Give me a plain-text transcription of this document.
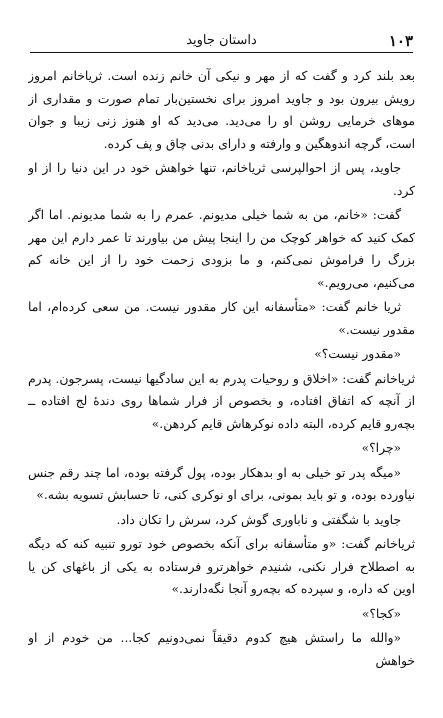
۱۰۳
داستان جاوید

بعد بلند کرد و گفت که از مهر و نیکی آن خانم زنده است. ثریاخانم امروز رویش بیرون بود و جاوید امروز برای نخستین‌بار تمام صورت و مقداری از موهای خرمایی روشن او را می‌دید. می‌دید که او هنوز زنی زیبا و جوان است، گرچه اندوهگین و وارفته و دارای بدنی چاق و پف کرده.

جاوید، پس از احوالپرسی ثریاخانم، تنها خواهش خود در این دنیا را از او کرد.

گفت: «خانم، من به شما خیلی مدیونم. عمرم را به شما مدیونم. اما اگر کمک کنید که خواهر کوچک من را اینجا پیش من بیاورند تا عمر دارم این مهر بزرگ را فراموش نمی‌کنم، و ما بزودی زحمت خود را از این خانه کم می‌کنیم، می‌رویم.»

ثریا خانم گفت: «متأسفانه این کار مقدور نیست. من سعی کرده‌ام، اما مقدور نیست.»

«مقدور نیست؟»

ثریاخانم گفت: «اخلاق و روحیات پدرم به این سادگیها نیست، پسرجون. پدرم از آنچه که اتفاق افتاده، و بخصوص از فرار شماها روی دندهٔ لج افتاده ــ بچه‌رو قایم کرده، البته داده نوکرهاش قایم کردهن.»

«چرا؟»

«میگه پدر تو خیلی به او بدهکار بوده، پول گرفته بوده، اما چند رقم جنس نیاورده بوده، و تو باید بمونی، برای او نوکری کنی، تا حسابش تسویه بشه.»

جاوید با شگفتی و ناباوری گوش کرد، سرش را تکان داد.

ثریاخانم گفت: «و متأسفانه برای آنکه بخصوص خود تورو تنبیه کنه که دیگه به اصطلاح فرار نکنی، شنیدم خواهرترو فرستاده به یکی از باغهای کن یا اوین که داره، و سپرده که بچه‌رو آنجا نگه‌دارند.»

«کجا؟»

«والله ما راستش هیچ کدوم دقیقاً نمی‌دونیم کجا... من خودم از او خواهش
